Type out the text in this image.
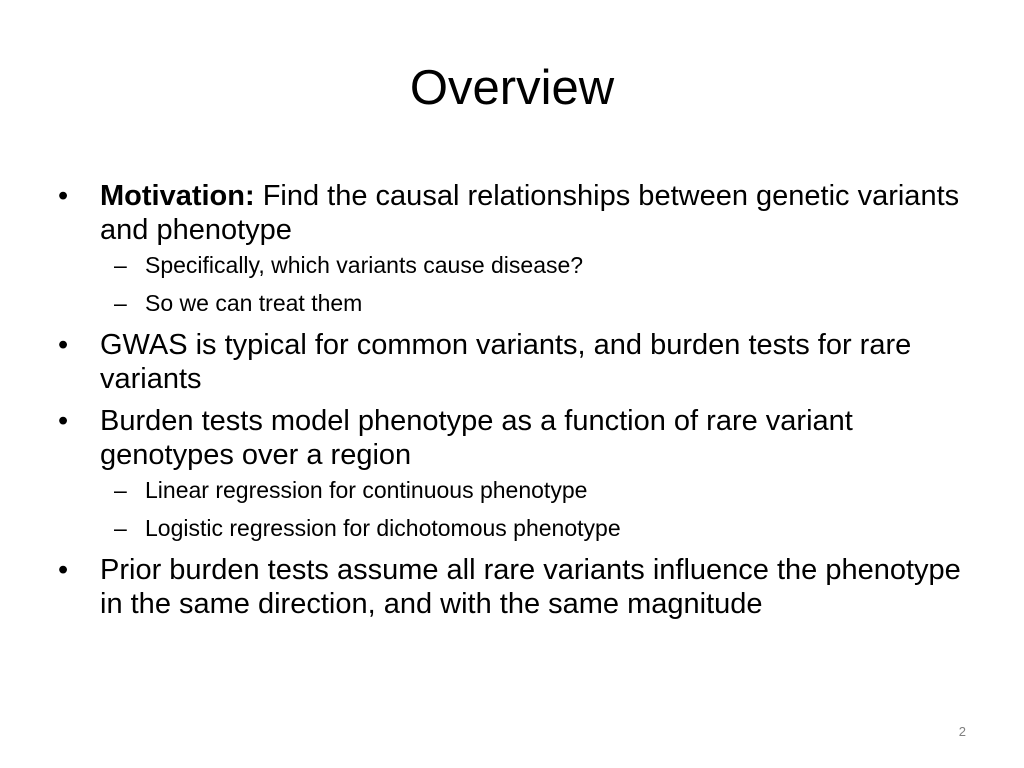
Overview
•	Motivation: Find the causal relationships between genetic variants and phenotype
– Specifically, which variants cause disease?
– So we can treat them
•	GWAS is typical for common variants, and burden tests for rare variants
•	Burden tests model phenotype as a function of rare variant genotypes over a region
– Linear regression for continuous phenotype
– Logistic regression for dichotomous phenotype
•	Prior burden tests assume all rare variants influence the phenotype in the same direction, and with the same magnitude
2
